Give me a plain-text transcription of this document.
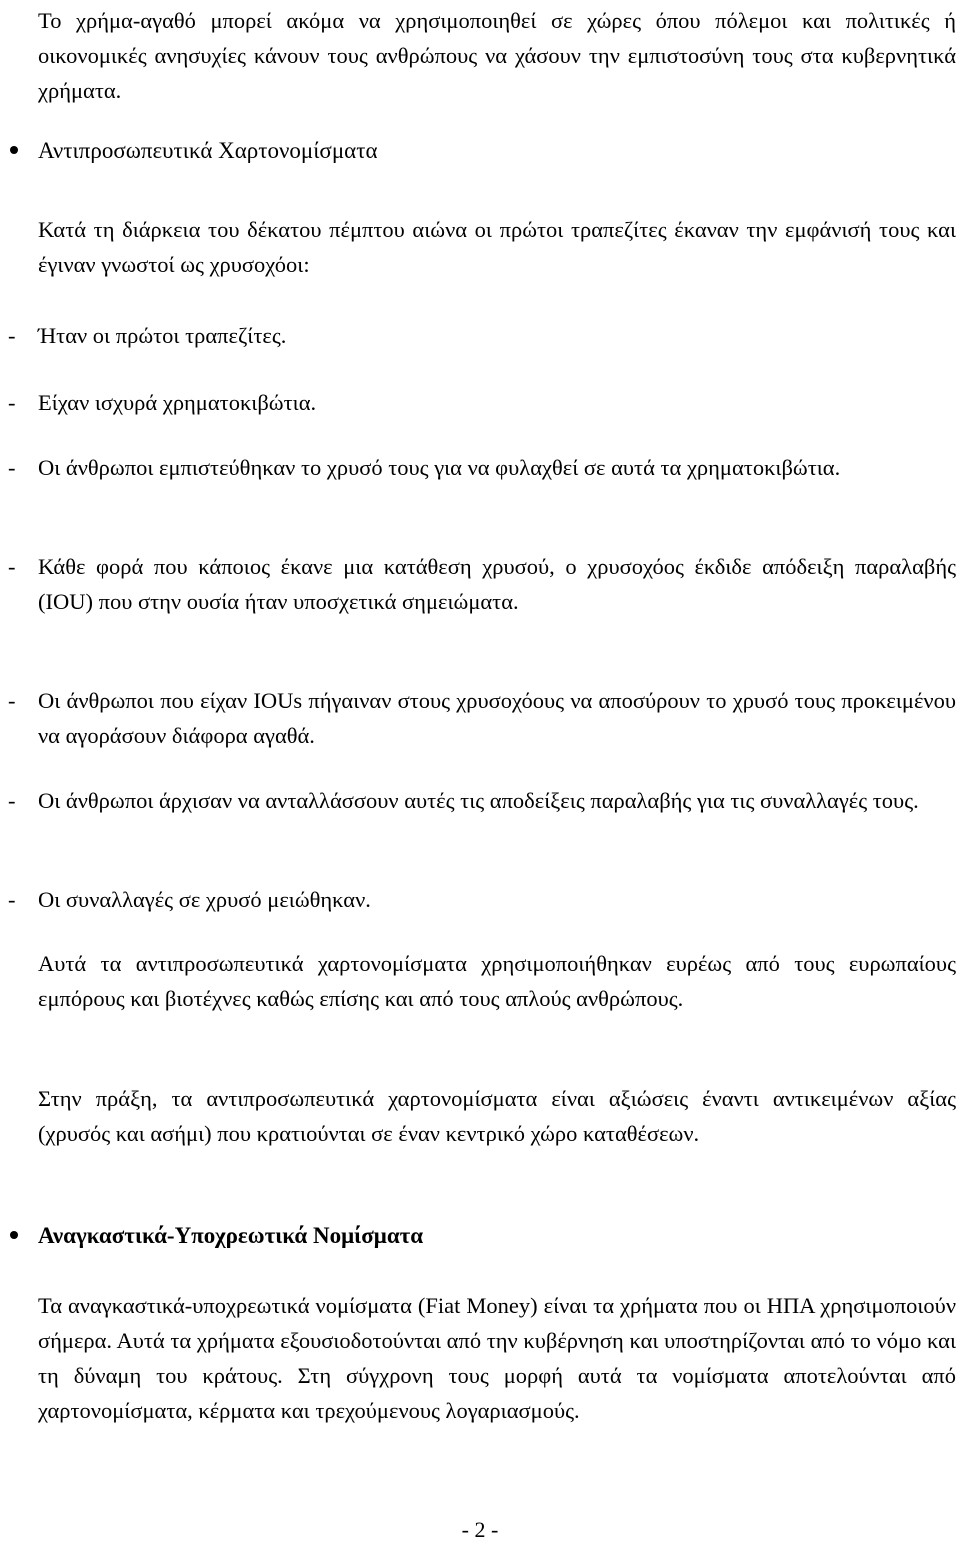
Το χρήμα-αγαθό μπορεί ακόμα να χρησιμοποιηθεί σε χώρες όπου πόλεμοι και πολιτικές ή οικονομικές ανησυχίες κάνουν τους ανθρώπους να χάσουν την εμπιστοσύνη τους στα κυβερνητικά χρήματα.

Αντιπροσωπευτικά Χαρτονομίσματα

Κατά τη διάρκεια του δέκατου πέμπτου αιώνα οι πρώτοι τραπεζίτες έκαναν την εμφάνισή τους και έγιναν γνωστοί ως χρυσοχόοι:

- Ήταν οι πρώτοι τραπεζίτες.

- Είχαν ισχυρά χρηματοκιβώτια.

- Οι άνθρωποι εμπιστεύθηκαν το χρυσό τους για να φυλαχθεί σε αυτά τα χρηματοκιβώτια.

- Κάθε φορά που κάποιος έκανε μια κατάθεση χρυσού, ο χρυσοχόος έκδιδε απόδειξη παραλαβής (IOU) που στην ουσία ήταν υποσχετικά σημειώματα.

- Οι άνθρωποι που είχαν IOUs πήγαιναν στους χρυσοχόους να αποσύρουν το χρυσό τους προκειμένου να αγοράσουν διάφορα αγαθά.

- Οι άνθρωποι άρχισαν να ανταλλάσσουν αυτές τις αποδείξεις παραλαβής για τις συναλλαγές τους.

- Οι συναλλαγές σε χρυσό μειώθηκαν.

Αυτά τα αντιπροσωπευτικά χαρτονομίσματα χρησιμοποιήθηκαν ευρέως από τους ευρωπαίους εμπόρους και βιοτέχνες καθώς επίσης και από τους απλούς ανθρώπους.

Στην πράξη, τα αντιπροσωπευτικά χαρτονομίσματα είναι αξιώσεις έναντι αντικειμένων αξίας (χρυσός και ασήμι) που κρατιούνται σε έναν κεντρικό χώρο καταθέσεων.

Αναγκαστικά-Υποχρεωτικά Νομίσματα

Τα αναγκαστικά-υποχρεωτικά νομίσματα (Fiat Money) είναι τα χρήματα που οι ΗΠΑ χρησιμοποιούν σήμερα. Αυτά τα χρήματα εξουσιοδοτούνται από την κυβέρνηση και υποστηρίζονται από το νόμο και τη δύναμη του κράτους. Στη σύγχρονη τους μορφή αυτά τα νομίσματα αποτελούνται από χαρτονομίσματα, κέρματα και τρεχούμενους λογαριασμούς.

- 2 -
